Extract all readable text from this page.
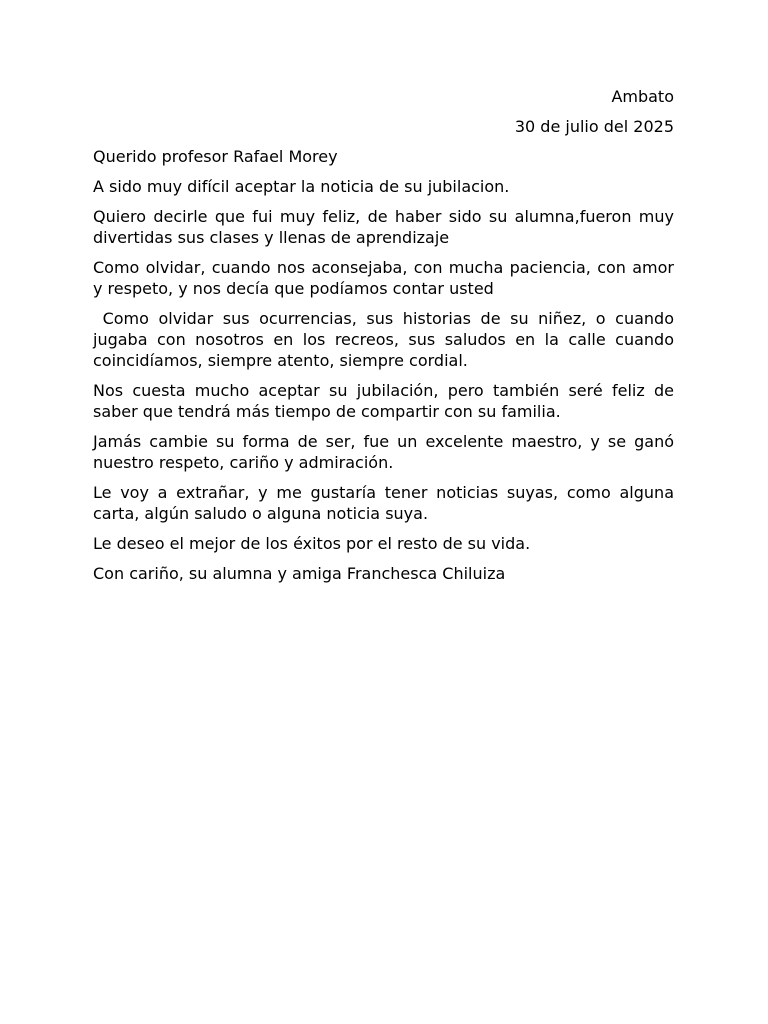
Ambato

30 de julio del 2025

Querido profesor Rafael Morey

A sido muy difícil aceptar la noticia de su jubilacion.

Quiero decirle que fui muy feliz, de haber sido su alumna,fueron muy divertidas sus clases y llenas de aprendizaje

Como olvidar, cuando nos aconsejaba, con mucha paciencia, con amor y respeto, y nos decía que podíamos contar usted

Como olvidar sus ocurrencias, sus historias de su niñez, o cuando jugaba con nosotros en los recreos, sus saludos en la calle cuando coincidíamos, siempre atento, siempre cordial.

Nos cuesta mucho aceptar su jubilación, pero también seré feliz de saber que tendrá más tiempo de compartir con su familia.

Jamás cambie su forma de ser, fue un excelente maestro, y se ganó nuestro respeto, cariño y admiración.

Le voy a extrañar, y me gustaría tener noticias suyas, como alguna carta, algún saludo o alguna noticia suya.

Le deseo el mejor de los éxitos por el resto de su vida.

Con cariño, su alumna y amiga Franchesca Chiluiza
